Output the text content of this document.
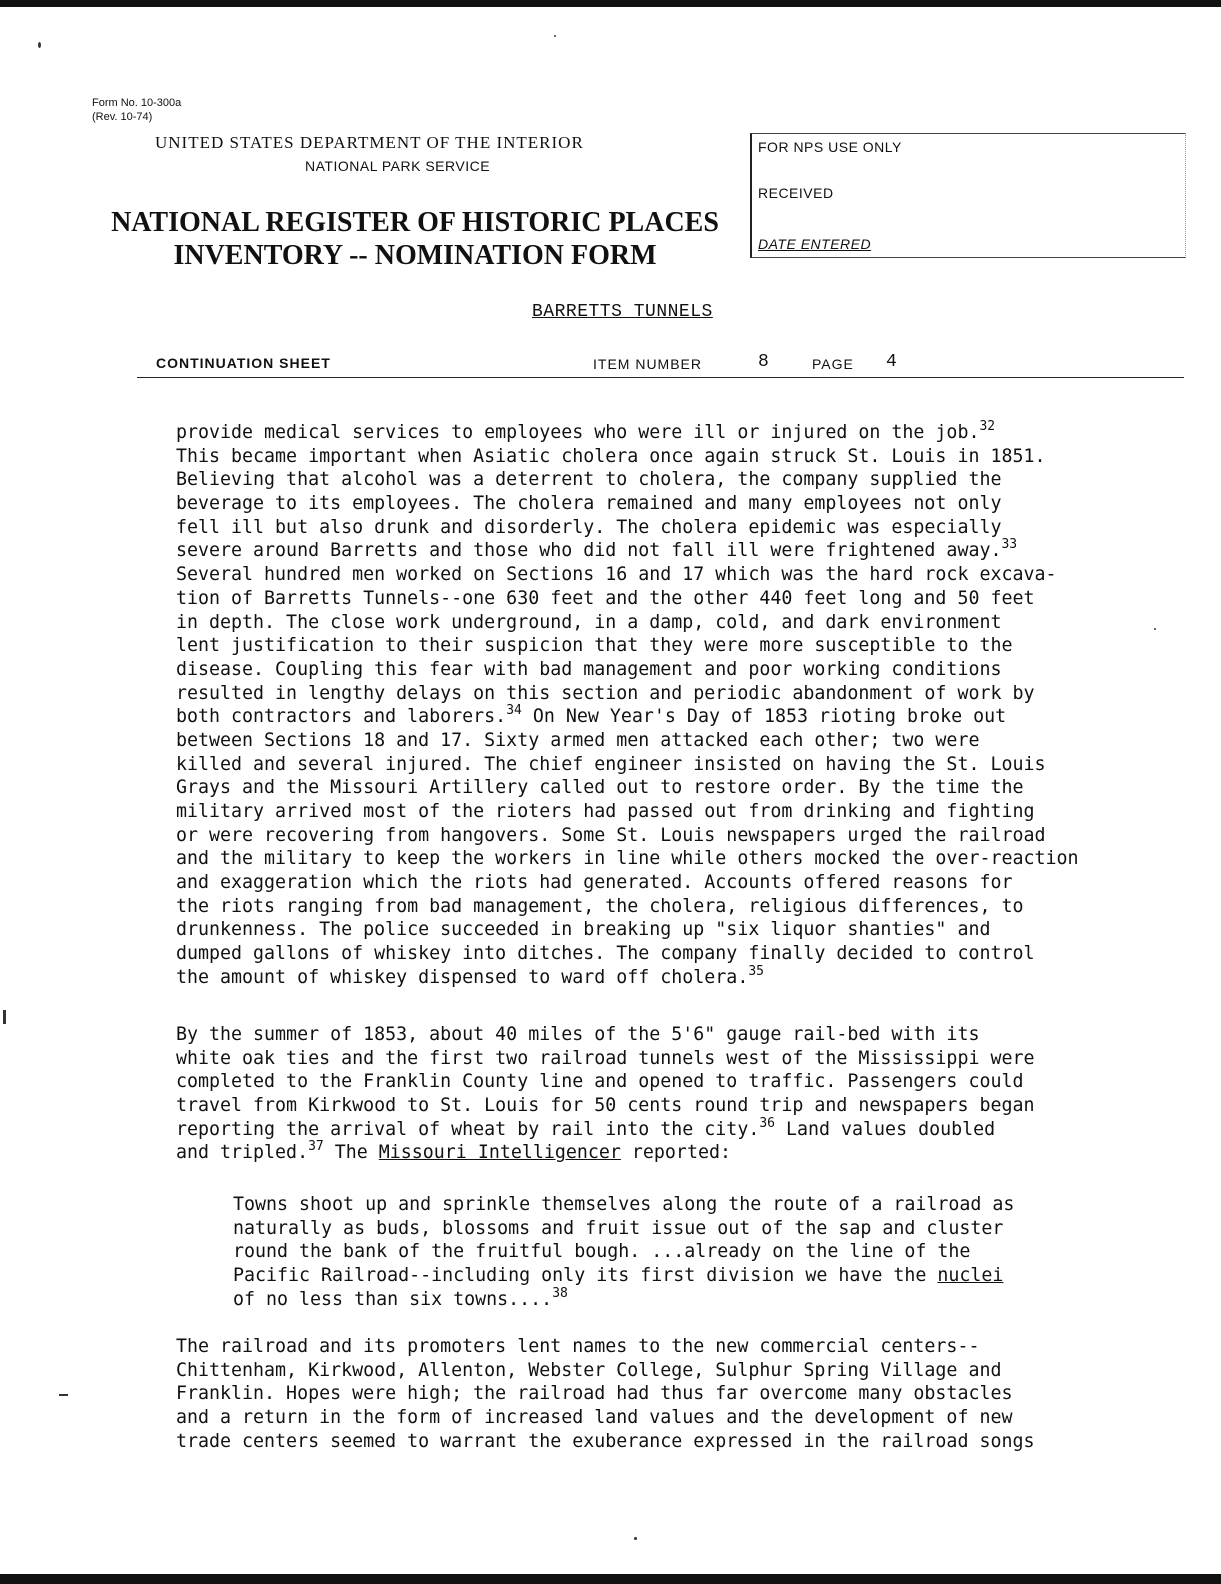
Form No. 10-300a
(Rev. 10-74)
UNITED STATES DEPARTMENT OF THE INTERIOR
NATIONAL PARK SERVICE
NATIONAL REGISTER OF HISTORIC PLACES
INVENTORY -- NOMINATION FORM
FOR NPS USE ONLY
RECEIVED
DATE ENTERED
BARRETTS TUNNELS
CONTINUATION SHEET	ITEM NUMBER	8	PAGE 4
provide medical services to employees who were ill or injured on the job.$^{32}$
This became important when Asiatic cholera once again struck St. Louis in 1851.
Believing that alcohol was a deterrent to cholera, the company supplied the
beverage to its employees. The cholera remained and many employees not only
fell ill but also drunk and disorderly. The cholera epidemic was especially
severe around Barretts and those who did not fall ill were frightened away.$^{33}$
Several hundred men worked on Sections 16 and 17 which was the hard rock excava-
tion of Barretts Tunnels--one 630 feet and the other 440 feet long and 50 feet
in depth. The close work underground, in a damp, cold, and dark environment
lent justification to their suspicion that they were more susceptible to the
disease. Coupling this fear with bad management and poor working conditions
resulted in lengthy delays on this section and periodic abandonment of work by
both contractors and laborers.$^{34}$ On New Year's Day of 1853 rioting broke out
between Sections 18 and 17. Sixty armed men attacked each other; two were
killed and several injured. The chief engineer insisted on having the St. Louis
Grays and the Missouri Artillery called out to restore order. By the time the
military arrived most of the rioters had passed out from drinking and fighting
or were recovering from hangovers. Some St. Louis newspapers urged the railroad
and the military to keep the workers in line while others mocked the over-reaction
and exaggeration which the riots had generated. Accounts offered reasons for
the riots ranging from bad management, the cholera, religious differences, to
drunkenness. The police succeeded in breaking up "six liquor shanties" and
dumped gallons of whiskey into ditches. The company finally decided to control
the amount of whiskey dispensed to ward off cholera.$^{35}$
By the summer of 1853, about 40 miles of the 5'6" gauge rail-bed with its
white oak ties and the first two railroad tunnels west of the Mississippi were
completed to the Franklin County line and opened to traffic. Passengers could
travel from Kirkwood to St. Louis for 50 cents round trip and newspapers began
reporting the arrival of wheat by rail into the city.$^{36}$ Land values doubled
and tripled.$^{37}$ The Missouri Intelligencer reported:
Towns shoot up and sprinkle themselves along the route of a railroad as
naturally as buds, blossoms and fruit issue out of the sap and cluster
round the bank of the fruitful bough. ...already on the line of the
Pacific Railroad--including only its first division we have the nuclei
of no less than six towns....$^{38}$
The railroad and its promoters lent names to the new commercial centers--
Chittenham, Kirkwood, Allenton, Webster College, Sulphur Spring Village and
Franklin. Hopes were high; the railroad had thus far overcome many obstacles
and a return in the form of increased land values and the development of new
trade centers seemed to warrant the exuberance expressed in the railroad songs
